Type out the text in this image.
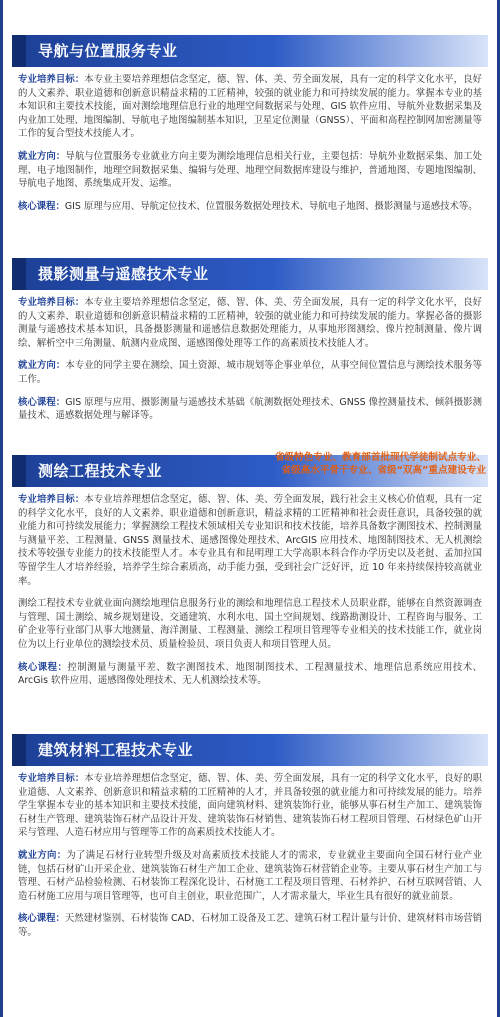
导航与位置服务专业

专业培养目标：本专业主要培养理想信念坚定，德、智、体、美、劳全面发展，具有一定的科学文化水平，良好的人文素养、职业道德和创新意识精益求精的工匠精神，较强的就业能力和可持续发展的能力。掌握本专业的基本知识和主要技术技能，面对测绘地理信息行业的地理空间数据采与处理、GIS 软件应用、导航外业数据采集及内业加工处理、地图编制、导航电子地图编制基本知识，卫星定位测量（GNSS）、平面和高程控制网加密测量等工作的复合型技术技能人才。

就业方向：导航与位置服务专业就业方向主要为测绘地理信息相关行业，主要包括：导航外业数据采集、加工处理、电子地图制作，地理空间数据采集、编辑与处理、地理空间数据库建设与维护，普通地图、专题地图编制、导航电子地图、系统集成开发、运维。

核心课程：GIS 原理与应用、导航定位技术、位置服务数据处理技术、导航电子地图、摄影测量与遥感技术等。

摄影测量与遥感技术专业

专业培养目标：本专业主要培养理想信念坚定，德、智、体、美、劳全面发展，具有一定的科学文化水平，良好的人文素养、职业道德和创新意识精益求精的工匠精神，较强的就业能力和可持续发展的能力。掌握必备的摄影测量与遥感技术基本知识，具备摄影测量和遥感信息数据处理能力，从事地形图测绘、像片控制测量、像片调绘、解析空中三角测量、航测内业成图、遥感图像处理等工作的高素质技术技能人才。

就业方向：本专业的同学主要在测绘、国土资源、城市规划等企事业单位，从事空间位置信息与测绘技术服务等工作。

核心课程：GIS 原理与应用、摄影测量与遥感技术基础《航测数据处理技术、GNSS 像控测量技术、倾斜摄影测量技术、遥感数据处理与解译等。

测绘工程技术专业
省级特色专业、教育部首批现代学徒制试点专业、
省级高水平骨干专业、省级“双高”重点建设专业

专业培养目标：本专业培养理想信念坚定，德、智、体、美、劳全面发展，践行社会主义核心价值观，具有一定的科学文化水平，良好的人文素养、职业道德和创新意识，精益求精的工匠精神和社会责任意识，具备较强的就业能力和可持续发展能力；掌握测绘工程技术领域相关专业知识和技术技能，培养具备数字测图技术、控制测量与测量平差、工程测量、GNSS 测量技术、遥感图像处理技术、ArcGIS 应用技术、地图制图技术、无人机测绘技术等较强专业能力的技术技能型人才。本专业具有和昆明理工大学高职本科合作办学历史以及老挝、孟加拉国等留学生人才培养经验，培养学生综合素质高，动手能力强，受到社会广泛好评，近 10 年来持续保持较高就业率。

测绘工程技术专业就业面向测绘地理信息服务行业的测绘和地理信息工程技术人员职业群，能够在自然资源调查与管理、国土测绘、城乡规划建设、交通建筑、水利水电、国土空间规划、线路勘测设计、工程咨询与服务、工矿企业等行业部门从事大地测量、海洋测量、工程测量、测绘工程项目管理等专业相关的技术技能工作，就业岗位为以上行业单位的测绘技术员、质量检验员、项目负责人和项目管理人员。

核心课程：控制测量与测量平差、数字测图技术、地图制图技术、工程测量技术、地理信息系统应用技术、ArcGis 软件应用、遥感图像处理技术、无人机测绘技术等。

建筑材料工程技术专业

专业培养目标：本专业培养理想信念坚定，德、智、体、美、劳全面发展，具有一定的科学文化水平，良好的职业道德、人文素养、创新意识和精益求精的工匠精神的人才，并具备较强的就业能力和可持续发展的能力。培养学生掌握本专业的基本知识和主要技术技能，面向建筑材料、建筑装饰行业，能够从事石材生产加工、建筑装饰石材生产管理、建筑装饰石材产品设计开发、建筑装饰石材销售、建筑装饰石材工程项目管理、石材绿色矿山开采与管理、人造石材应用与管理等工作的高素质技术技能人才。

就业方向：为了满足石材行业转型升级及对高素质技术技能人才的需求，专业就业主要面向全国石材行业产业链，包括石材矿山开采企业、建筑装饰石材生产加工企业、建筑装饰石材营销企业等。主要从事石材生产加工与管理、石材产品检验检测、石材装饰工程深化设计、石材施工工程及项目管理、石材养护、石材互联网营销、人造石材施工应用与项目管理等，也可自主创业，职业范围广，人才需求量大，毕业生具有很好的就业前景。

核心课程：天然建材鉴别、石材装饰 CAD、石材加工设备及工艺、建筑石材工程计量与计价、建筑材料市场营销等。
